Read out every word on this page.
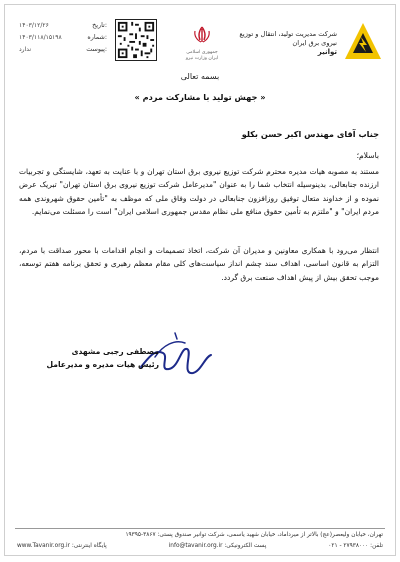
۱۴۰۳/۱۲/۲۶	تاریخ:
۱۴۰۳/۱۱۸/۱۵۱۹۸	شماره:
ندارد	پیوست:	جمهوری اسلامی ایران وزارت نیرو
شرکت مدیریت تولید، انتقال و توزیع نیروی برق ایران
توانیر
بسمه تعالی
« جهش تولید با مشارکت مردم »
جناب آقای مهندس اکبر حسن بکلو
باسلام؛
مستند به مصوبه هیات مدیره محترم شرکت توزیع نیروی برق استان تهران و با عنایت به تعهد، شایستگی و تجربیات ارزنده جنابعالی، بدینوسیله انتخاب شما را به عنوان "مدیرعامل شرکت توزیع نیروی برق استان تهران" تبریک عرض نموده و از خداوند متعال توفیق روزافزون جنابعالی در دولت وفاق ملی که موظف به "تأمین حقوق شهروندی همه مردم ایران" و "ملتزم به تأمین حقوق منافع ملی نظام مقدس جمهوری اسلامی ایران" است را مسئلت می‌نمایم.
انتظار می‌رود با همکاری معاونین و مدیران آن شرکت، اتخاذ تصمیمات و انجام اقدامات با محور صداقت با مردم، التزام به قانون اساسی، اهداف سند چشم انداز سیاست‌های کلی مقام معظم رهبری و تحقق برنامه هفتم توسعه، موجب تحقق بیش از پیش اهداف صنعت برق گردد.
مصطفی رجبی مشهدی
رئیس هیات مدیره و مدیرعامل
تهران، خیابان ولیعصر(عج) بالاتر از میرداماد، خیابان شهید یاسمی، شرکت توانیر صندوق پستی: ۳۸۶۷-۱۹۳۹۵
تلفن: ۲۷۹۳۸۰۰۰ - ۰۲۱
پست الکترونیکی: info@tavanir.org.ir
پایگاه اینترنتی: www.Tavanir.org.ir
